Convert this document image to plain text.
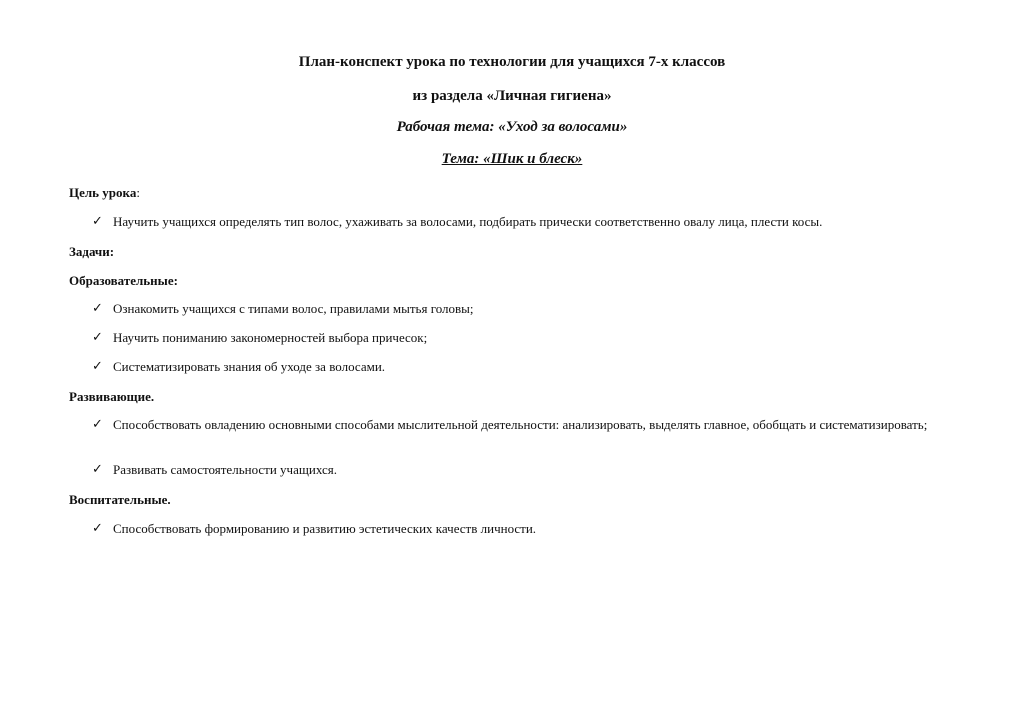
План-конспект урока по технологии для учащихся 7-х классов
из раздела «Личная гигиена»
Рабочая тема: «Уход за волосами»
Тема: «Шик и блеск»
Цель урока:
✓ Научить учащихся определять тип волос, ухаживать за волосами, подбирать прически соответственно овалу лица, плести косы.
Задачи:
Образовательные:
✓ Ознакомить учащихся с типами волос, правилами мытья головы;
✓ Научить пониманию закономерностей выбора причесок;
✓ Систематизировать знания об уходе за волосами.
Развивающие.
✓ Способствовать овладению основными способами мыслительной деятельности: анализировать, выделять главное, обобщать и систематизировать;
✓ Развивать самостоятельности учащихся.
Воспитательные.
✓ Способствовать формированию и развитию эстетических качеств личности.
